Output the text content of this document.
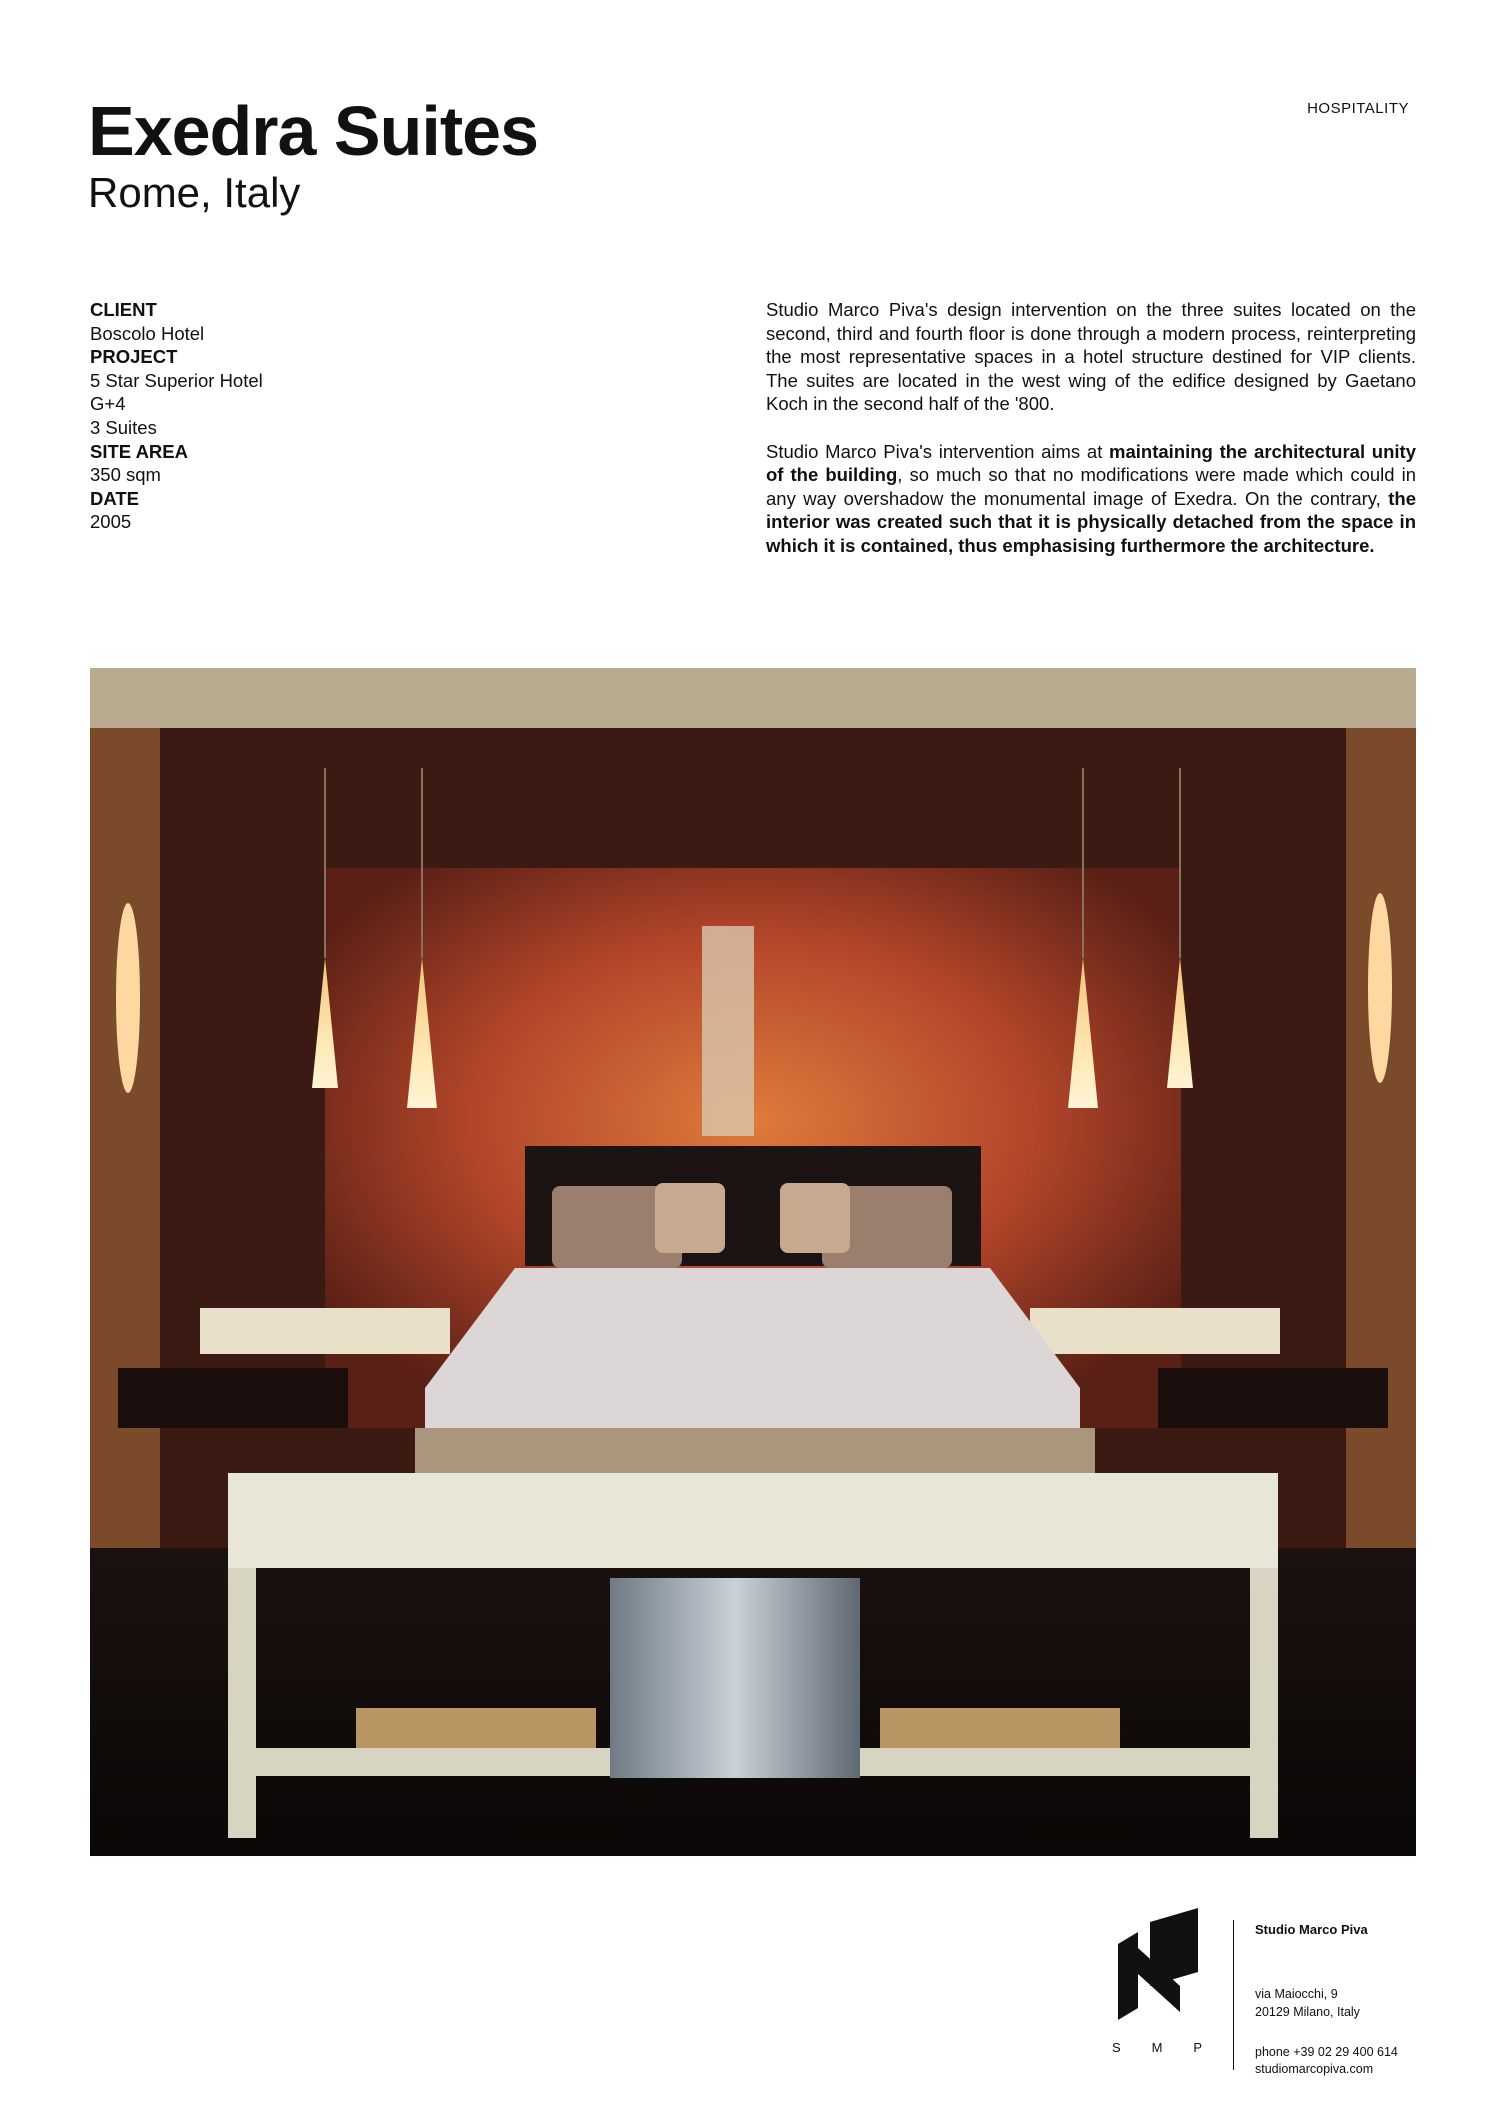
Exedra Suites
Rome, Italy
HOSPITALITY
CLIENT
Boscolo Hotel
PROJECT
5 Star Superior Hotel
G+4
3 Suites
SITE AREA
350 sqm
DATE
2005

Studio Marco Piva's design intervention on the three suites located on the second, third and fourth floor is done through a modern process, reinterpreting the most representative spaces in a hotel structure destined for VIP clients. The suites are located in the west wing of the edifice designed by Gaetano Koch in the second half of the '800.

Studio Marco Piva's intervention aims at maintaining the architectural unity of the building, so much so that no modifications were made which could in any way overshadow the monumental image of Exedra. On the contrary, the interior was created such that it is physically detached from the space in which it is contained, thus emphasising furthermore the architecture.

S M P
Studio Marco Piva
via Maiocchi, 9
20129 Milano, Italy
phone +39 02 29 400 614
studiomarcopiva.com
